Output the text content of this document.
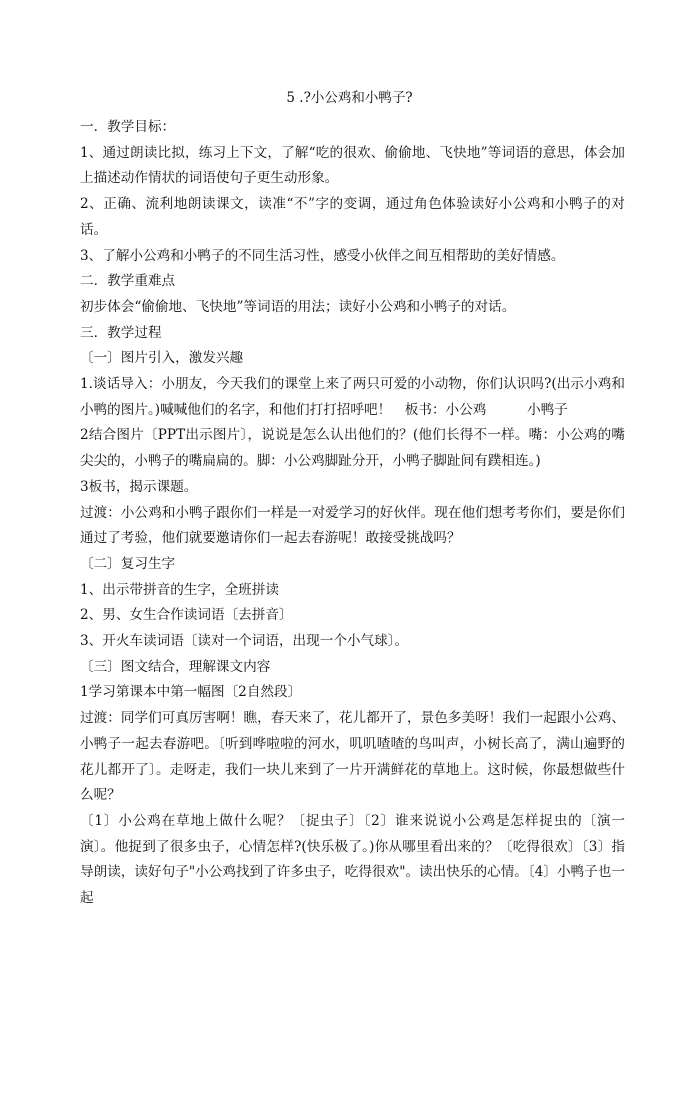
5 .?小公鸡和小鸭子?

一．教学目标：

1、通过朗读比拟，练习上下文，了解“吃的很欢、偷偷地、飞快地”等词语的意思，体会加上描述动作情状的词语使句子更生动形象。

2、正确、流利地朗读课文，读准“不”字的变调，通过角色体验读好小公鸡和小鸭子的对话。

3、了解小公鸡和小鸭子的不同生活习性，感受小伙伴之间互相帮助的美好情感。

二．教学重难点

初步体会“偷偷地、飞快地”等词语的用法；读好小公鸡和小鸭子的对话。

三．教学过程

〔一〕图片引入，激发兴趣

1.谈话导入：小朋友，今天我们的课堂上来了两只可爱的小动物，你们认识吗?(出示小鸡和小鸭的图片。)喊喊他们的名字，和他们打打招呼吧！　板书：小公鸡　　　小鸭子

2结合图片〔PPT出示图片〕，说说是怎么认出他们的？(他们长得不一样。嘴：小公鸡的嘴尖尖的，小鸭子的嘴扁扁的。脚：小公鸡脚趾分开，小鸭子脚趾间有蹼相连。)

3板书，揭示课题。

过渡：小公鸡和小鸭子跟你们一样是一对爱学习的好伙伴。现在他们想考考你们，要是你们通过了考验，他们就要邀请你们一起去春游呢！敢接受挑战吗？

〔二〕复习生字

1、出示带拼音的生字，全班拼读

2、男、女生合作读词语〔去拼音〕

3、开火车读词语〔读对一个词语，出现一个小气球〕。

〔三〕图文结合，理解课文内容

1学习第课本中第一幅图〔2自然段〕

过渡：同学们可真厉害啊！瞧，春天来了，花儿都开了，景色多美呀！我们一起跟小公鸡、小鸭子一起去春游吧。〔听到哗啦啦的河水，叽叽喳喳的鸟叫声，小树长高了，满山遍野的花儿都开了〕。走呀走，我们一块儿来到了一片开满鲜花的草地上。这时候，你最想做些什么呢？

〔1〕小公鸡在草地上做什么呢？〔捉虫子〕〔2〕谁来说说小公鸡是怎样捉虫的〔演一演〕。他捉到了很多虫子，心情怎样?(快乐极了。)你从哪里看出来的？〔吃得很欢〕〔3〕指导朗读，读好句子"小公鸡找到了许多虫子，吃得很欢"。读出快乐的心情。〔4〕小鸭子也一起
